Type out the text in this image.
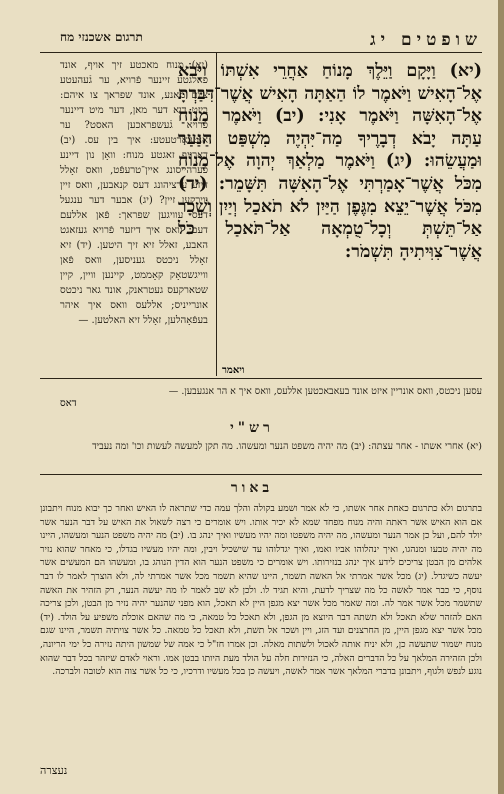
שופטים יג
תרגום אשכנזי מח

(יא) וַיָּקָם וַיֵּלֶךְ מָנוֹחַ אַחֲרֵי אִשְׁתּוֹ וַיָּבֹא אֶל־הָאִישׁ וַיֹּאמֶר לוֹ הַאַתָּה הָאִישׁ אֲשֶׁר־דִּבַּרְתָּ אֶל־הָאִשָּׁה וַיֹּאמֶר אָנִי: (יב) וַיֹּאמֶר מָנוֹחַ עַתָּה יָבֹא דְבָרֶיךָ מַה־יִּהְיֶה מִשְׁפַּט הַנַּעַר וּמַעֲשֵׂהוּ: (יג) וַיֹּאמֶר מַלְאַךְ יְהוָה אֶל־מָנוֹחַ מִכֹּל אֲשֶׁר־אָמַרְתִּי אֶל־הָאִשָּׁה תִּשָּׁמֵר: (יד) מִכֹּל אֲשֶׁר־יֵצֵא מִגֶּפֶן הַיַּיִן לֹא תֹאכַל וְיַיִן וְשֵׁכָר אַל־תֵּשְׁתְּ וְכָל־טֻמְאָה אַל־תֹּאכַל כֹּל אֲשֶׁר־צִוִּיתִיהָ תִּשְׁמֹר:

ויאמר

(יא) מנוח מאכטע זיך אויף, אונד פאלגטע זיינער פֿרויא, ער גֿעהעטע ציום מאנע, אונד שפראך צו איהם: ביזט דוא דער מאן, דער מיט דיינער פֿרויא גֿעשפראכען האסט? ער אנטוואָרטעטע: איך בין עס. (יב) דארויף זאגטע מנוח: וואָן נון דיינע פֿערהייסונג איין־טרעפֿט, וואס זאָלל דיזע ערציהונג דעס קנאבען, וואס זיין ווירקען זיין? (יג) אבער דער ענגעל דעס עוויגען שפראך: פֿאן אללעם דעם, וואס איך דיזער פֿרויא געזאגט האבע, זאלל זיא זיך היטען. (יד) זיא זאָלל ניכטס געניסען, וואס פֿאן ווייגשטאָק קאָממט, קיינען וויין, קיין שטארקעס געטראנק, אונד גאר ניכטס אונרייניס; אללעס וואס איך איהר בעפֿאָהלען, זאָלל זיא האלטען. —

דאס

עסען ניכטס, וואס אונריין איזט אונד בעאבאכטען אללעס, וואס איך א הר אנגעבען. —

רש"י

(יא) אחרי אשתו ‑ אחר עצתה: (יב) מה יהיה משפט הנער ומעשהו. מה תקן למעשה לעשות וכו' ומה נעביד

באור

בתרגום ולא כתרגום כאחת אחר אשתו, כי לא אמר ושמע בקולה והלך עמה כדי שתראה לו האיש ואחר כך יבוא מנוח ויתבונן אם הוא האיש אשר ראתה והיה מנוח מפחד שמא לא יכיר אותו. ויש אומרים כי רצה לשאול את האיש על דבר הנער אשר יולד להם, ועל כן אמר הנער ומעשהו, מה יהיה משפטו ומה יהיו מעשיו ואיך ינהג בו. (יב) מה יהיה משפט הנער ומעשהו, היינו מה יהיה טבעו ומנהגו, ואיך ינהלוהו אביו ואמו, ואיך יגדלוהו עד שישכיל ויבין, ומה יהיו מעשיו בגדלו, כי מאחר שהוא נזיר אלהים מן הבטן צריכים לידע איך ינהג בנזירותו. ויש אומרים כי משפט הנער הוא הדין הנוהג בו, ומעשהו הם המעשים אשר יעשה כשיגדל. (יג) מכל אשר אמרתי אל האשה תשמר, היינו שהיא תשמר מכל אשר אמרתי לה, ולא הוצרך לאמר לו דבר נוסף, כי כבר אמר לאשה כל מה שצריך לדעת, והיא תגיד לו. ולכן לא שב לאמר לו מה יעשה הנער, רק הזהיר את האשה שתשמר מכל אשר אמר לה. ומה שאמר מכל אשר יצא מגפן היין לא תאכל, הוא מפני שהנער יהיה נזיר מן הבטן, ולכן צריכה האם להזהר שלא תאכל ולא תשתה דבר היוצא מן הגפן, ולא תאכל כל טמאה, כי מה שהאם אוכלת משפיע על הולד. (יד) מכל אשר יצא מגפן היין, מן החרצנים ועד הזג, ויין ושכר אל תשת, ולא תאכל כל טמאה. כל אשר צויתיה תשמר, היינו שגם מנוח ישמור שתעשה כן, ולא יניח אותה לאכול ולשתות מאלה. וכן אמרו חז"ל כי אמה של שמשון היתה נזירה כל ימי הריונה, ולכן הזהירה המלאך על כל הדברים האלה, כי הנזירות חלה על הולד מעת היותו בבטן אמו. וראוי לאדם שיזהר בכל דבר שהוא נוגע לנפש ולגוף, ויתבונן בדברי המלאך אשר אמר לאשה, ויעשה כן בכל מעשיו ודרכיו, כי כל אשר צוה הוא לטובה ולברכה.

נעצרה
